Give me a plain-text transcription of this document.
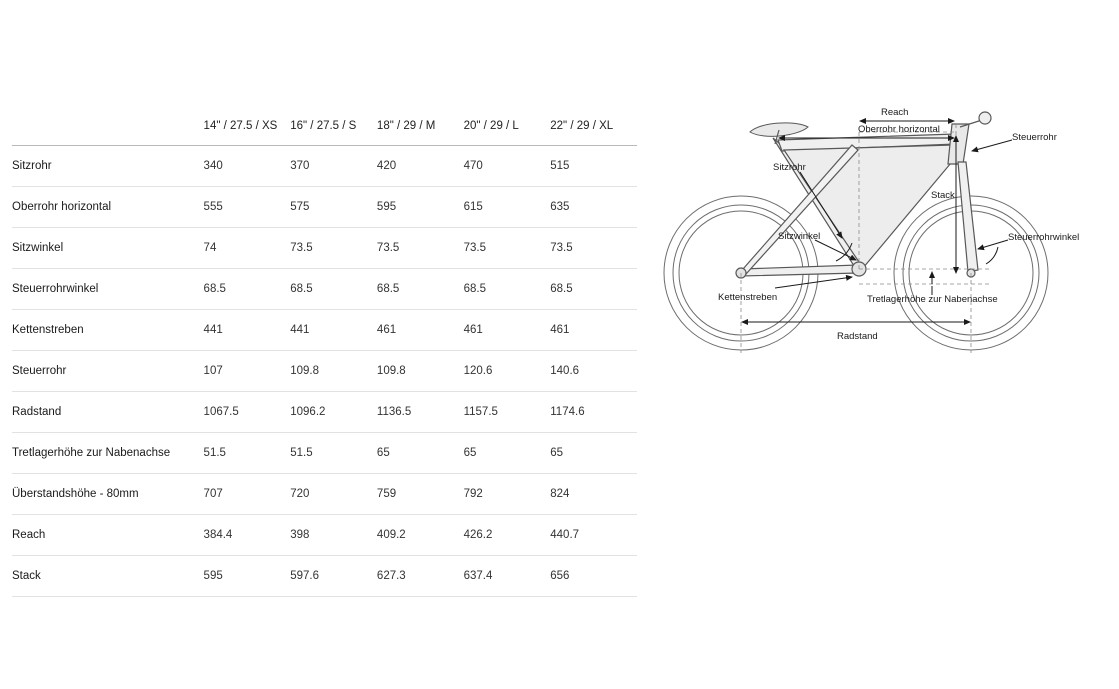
	14" / 27.5 / XS	16" / 27.5 / S	18" / 29 / M	20" / 29 / L	22" / 29 / XL
Sitzrohr	340	370	420	470	515
Oberrohr horizontal	555	575	595	615	635
Sitzwinkel	74	73.5	73.5	73.5	73.5
Steuerrohrwinkel	68.5	68.5	68.5	68.5	68.5
Kettenstreben	441	441	461	461	461
Steuerrohr	107	109.8	109.8	120.6	140.6
Radstand	1067.5	1096.2	1136.5	1157.5	1174.6
Tretlagerhöhe zur Nabenachse	51.5	51.5	65	65	65
Überstandshöhe - 80mm	707	720	759	792	824
Reach	384.4	398	409.2	426.2	440.7
Stack	595	597.6	627.3	637.4	656
Reach
Oberrohr horizontal
Steuerrohr
Sitzrohr
Stack
Sitzwinkel	Steuerrohrwinkel
Kettenstreben	Tretlagerhöhe zur Nabenachse
Radstand
